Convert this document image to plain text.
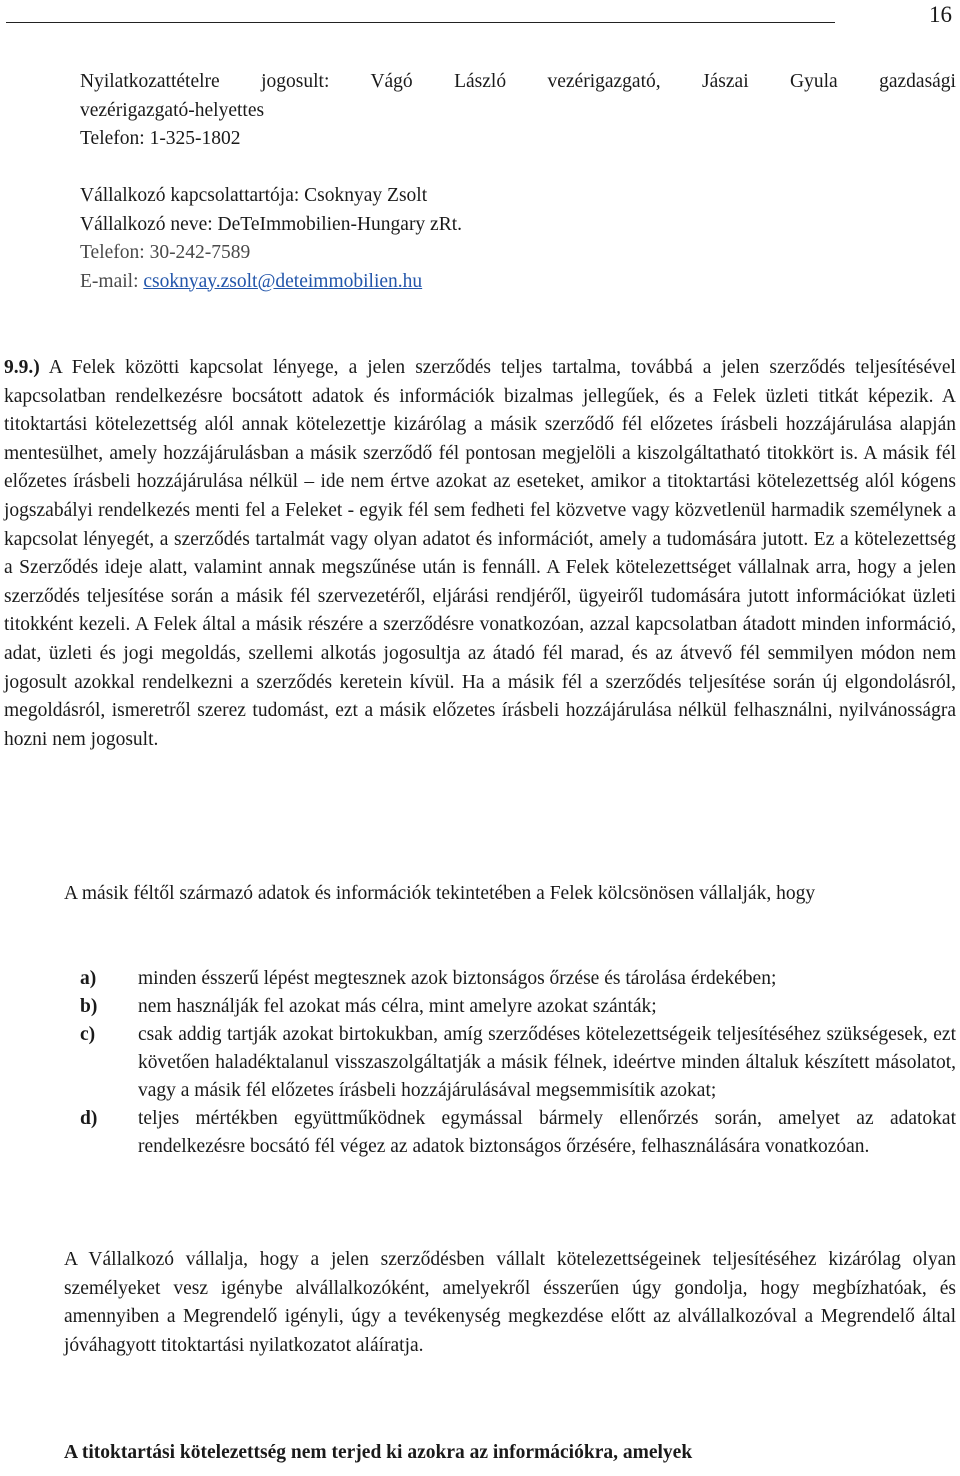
16
Nyilatkozattételre jogosult: Vágó László vezérigazgató, Jászai Gyula gazdasági
vezérigazgató-helyettes
Telefon: 1-325-1802
Vállalkozó kapcsolattartója: Csoknyay Zsolt
Vállalkozó neve: DeTeImmobilien-Hungary zRt.
Telefon: 30-242-7589
E-mail: csoknyay.zsolt@deteimmobilien.hu
9.9.) A Felek közötti kapcsolat lényege, a jelen szerződés teljes tartalma, továbbá a jelen szerződés teljesítésével kapcsolatban rendelkezésre bocsátott adatok és információk bizalmas jellegűek, és a Felek üzleti titkát képezik. A titoktartási kötelezettség alól annak kötelezettje kizárólag a másik szerződő fél előzetes írásbeli hozzájárulása alapján mentesülhet, amely hozzájárulásban a másik szerződő fél pontosan megjelöli a kiszolgáltatható titokkört is. A másik fél előzetes írásbeli hozzájárulása nélkül – ide nem értve azokat az eseteket, amikor a titoktartási kötelezettség alól kógens jogszabályi rendelkezés menti fel a Feleket - egyik fél sem fedheti fel közvetve vagy közvetlenül harmadik személynek a kapcsolat lényegét, a szerződés tartalmát vagy olyan adatot és információt, amely a tudomására jutott. Ez a kötelezettség a Szerződés ideje alatt, valamint annak megszűnése után is fennáll. A Felek kötelezettséget vállalnak arra, hogy a jelen szerződés teljesítése során a másik fél szervezetéről, eljárási rendjéről, ügyeiről tudomására jutott információkat üzleti titokként kezeli. A Felek által a másik részére a szerződésre vonatkozóan, azzal kapcsolatban átadott minden információ, adat, üzleti és jogi megoldás, szellemi alkotás jogosultja az átadó fél marad, és az átvevő fél semmilyen módon nem jogosult azokkal rendelkezni a szerződés keretein kívül. Ha a másik fél a szerződés teljesítése során új elgondolásról, megoldásról, ismeretről szerez tudomást, ezt a másik előzetes írásbeli hozzájárulása nélkül felhasználni, nyilvánosságra hozni nem jogosult.
A másik féltől származó adatok és információk tekintetében a Felek kölcsönösen vállalják, hogy
a)	minden ésszerű lépést megtesznek azok biztonságos őrzése és tárolása érdekében;
b)	nem használják fel azokat más célra, mint amelyre azokat szánták;
c)	csak addig tartják azokat birtokukban, amíg szerződéses kötelezettségeik teljesítéséhez szükségesek, ezt követően haladéktalanul visszaszolgáltatják a másik félnek, ideértve minden általuk készített másolatot, vagy a másik fél előzetes írásbeli hozzájárulásával megsemmisítik azokat;
d)	teljes mértékben együttműködnek egymással bármely ellenőrzés során, amelyet az adatokat rendelkezésre bocsátó fél végez az adatok biztonságos őrzésére, felhasználására vonatkozóan.
A Vállalkozó vállalja, hogy a jelen szerződésben vállalt kötelezettségeinek teljesítéséhez kizárólag olyan személyeket vesz igénybe alvállalkozóként, amelyekről ésszerűen úgy gondolja, hogy megbízhatóak, és amennyiben a Megrendelő igényli, úgy a tevékenység megkezdése előtt az alvállalkozóval a Megrendelő által jóváhagyott titoktartási nyilatkozatot aláíratja.
A titoktartási kötelezettség nem terjed ki azokra az információkra, amelyek
